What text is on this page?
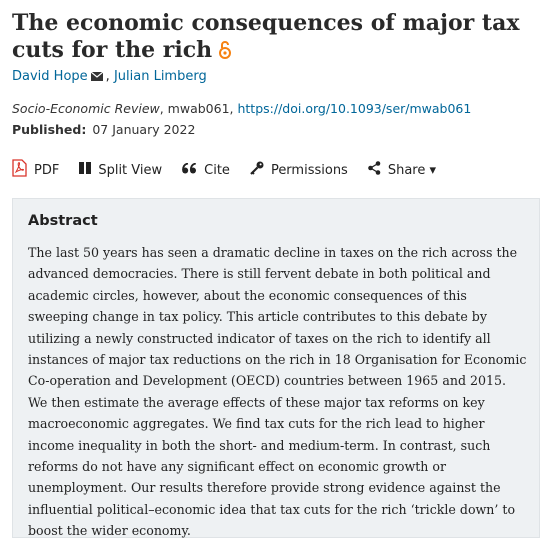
The economic consequences of major tax cuts for the rich
David Hope , Julian Limberg
Socio-Economic Review, mwab061, https://doi.org/10.1093/ser/mwab061
Published: 07 January 2022
PDF	Split View	Cite	Permissions	Share ▾
Abstract

The last 50 years has seen a dramatic decline in taxes on the rich across the advanced democracies. There is still fervent debate in both political and academic circles, however, about the economic consequences of this sweeping change in tax policy. This article contributes to this debate by utilizing a newly constructed indicator of taxes on the rich to identify all instances of major tax reductions on the rich in 18 Organisation for Economic Co-operation and Development (OECD) countries between 1965 and 2015. We then estimate the average effects of these major tax reforms on key macroeconomic aggregates. We find tax cuts for the rich lead to higher income inequality in both the short- and medium-term. In contrast, such reforms do not have any significant effect on economic growth or unemployment. Our results therefore provide strong evidence against the influential political–economic idea that tax cuts for the rich ‘trickle down’ to boost the wider economy.
